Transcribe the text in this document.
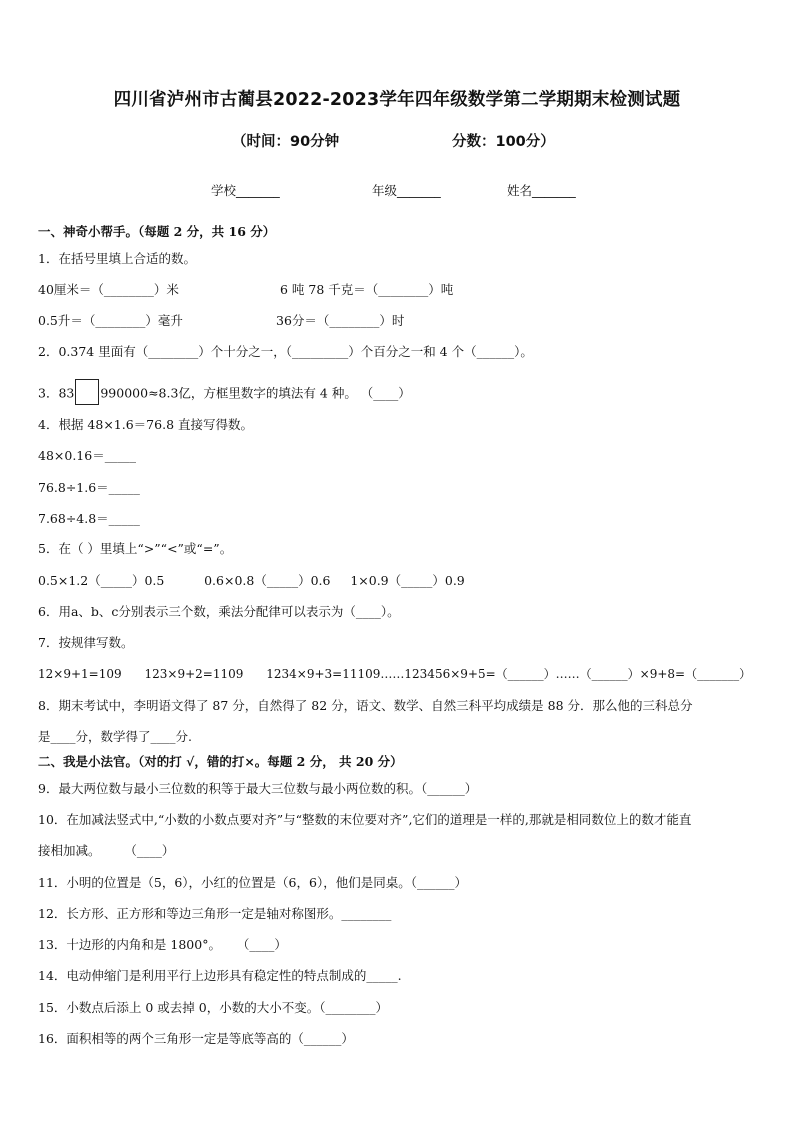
四川省泸州市古蔺县2022-2023学年四年级数学第二学期期末检测试题
（时间：90分钟	分数：100分）
学校_______	年级_______	姓名_______
一、神奇小帮手。（每题 2 分，共 16 分）
1．在括号里填上合适的数。
40厘米＝（________）米	6 吨 78 千克＝（________）吨
0.5升＝（________）毫升	36分＝（________）时
2．0.374 里面有（________）个十分之一，（_________）个百分之一和 4 个（______）。
3．83 990000≈8.3亿，方框里数字的填法有 4 种。 （____）
4．根据 48×1.6＝76.8 直接写得数。
48×0.16＝_____
76.8÷1.6＝_____
7.68÷4.8＝_____
5．在（ ）里填上“>”“<”或“=”。
0.5×1.2（_____）0.5          0.6×0.8（_____）0.6     1×0.9（_____）0.9
6．用a、b、c分别表示三个数，乘法分配律可以表示为（____）。
7．按规律写数。
12×9+1=109      123×9+2=1109      1234×9+3=11109……123456×9+5=（______）……（______）×9+8=（_______）
8．期末考试中，李明语文得了 87 分，自然得了 82 分，语文、数学、自然三科平均成绩是 88 分．那么他的三科总分
是____分，数学得了____分.
二、我是小法官。（对的打 √，错的打×。每题 2 分， 共 20 分）
9．最大两位数与最小三位数的积等于最大三位数与最小两位数的积。（______）
10．在加减法竖式中,“小数的小数点要对齐”与“整数的末位要对齐”,它们的道理是一样的,那就是相同数位上的数才能直
接相加减。      （____）
11．小明的位置是（5，6），小红的位置是（6，6），他们是同桌。（______）
12．长方形、正方形和等边三角形一定是轴对称图形。________
13．十边形的内角和是 1800°。    （____）
14．电动伸缩门是利用平行上边形具有稳定性的特点制成的_____.
15．小数点后添上 0 或去掉 0，小数的大小不变。（________）
16．面积相等的两个三角形一定是等底等高的（______）
